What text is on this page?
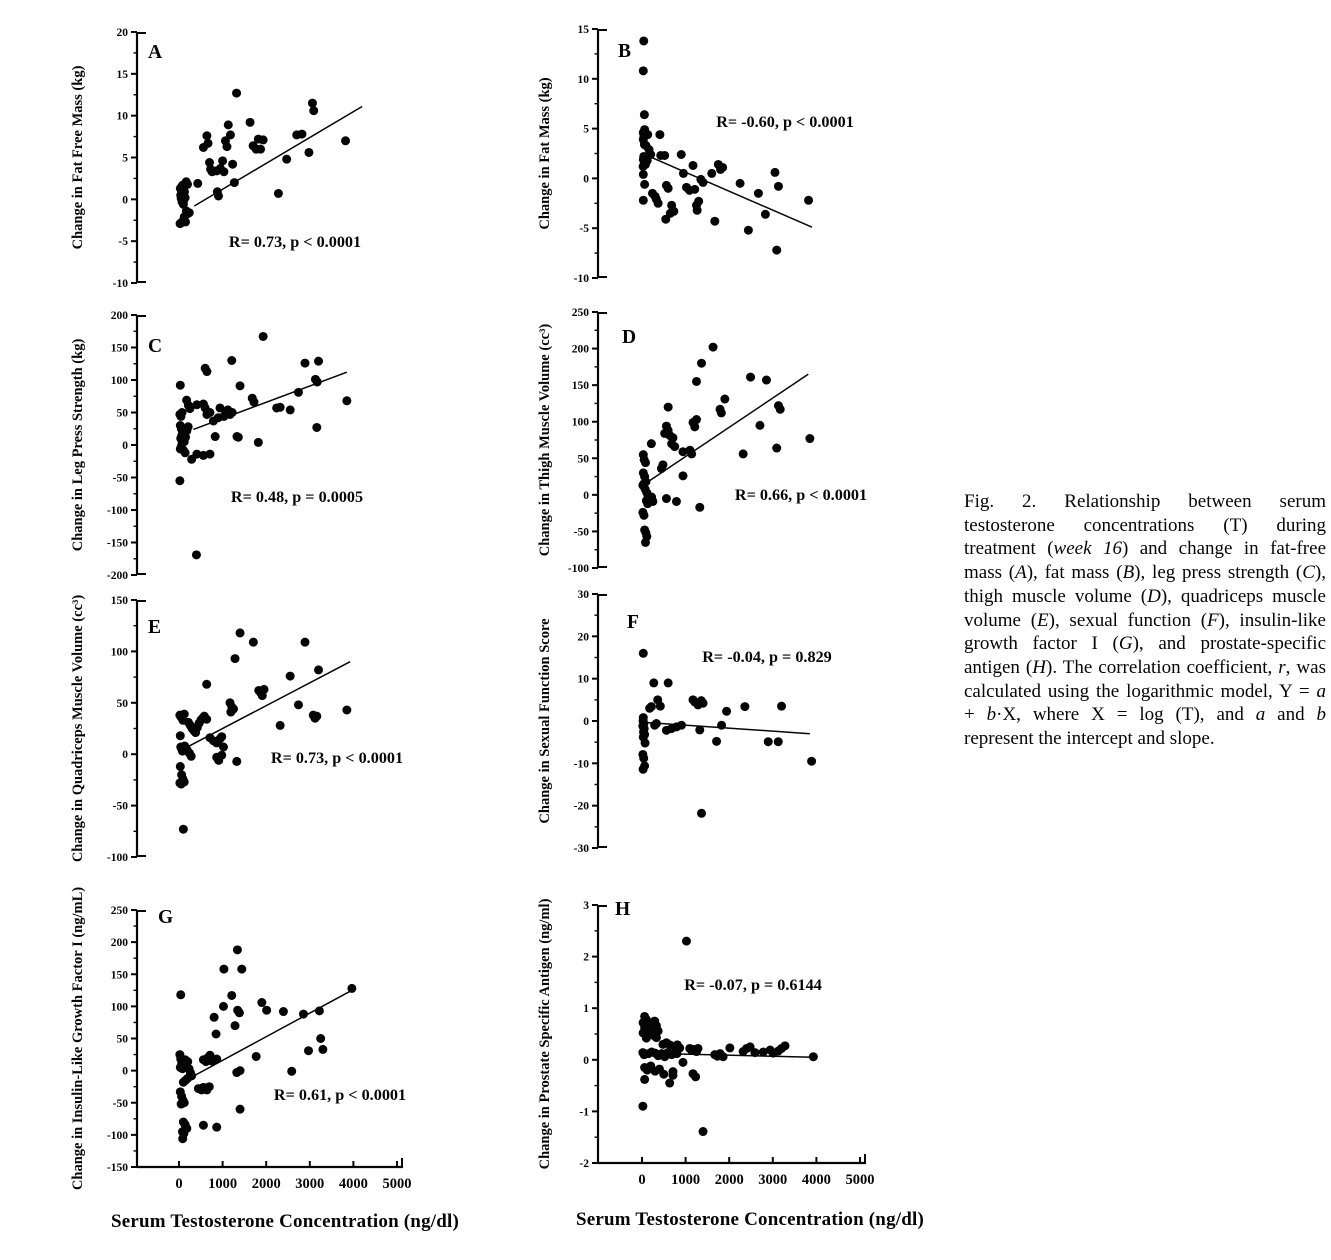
-10
-5
0
5
10
15
20
A
R= 0.73, p < 0.0001
Change in Fat Free Mass (kg)
-10
-5
0
5
10
15
B
R= -0.60, p < 0.0001
Change in Fat Mass (kg)
-200
-150
-100
-50
0
50
100
150
200
C
R= 0.48, p = 0.0005
Change in Leg Press Strength (kg)
-100
-50
0
50
100
150
200
250
D
R= 0.66, p < 0.0001
Change in Thigh Muscle Volume (cc³)
-100
-50
0
50
100
150
E
R= 0.73, p < 0.0001
Change in Quadriceps Muscle Volume (cc³)	-30
-20
-10
0
10
20
30
F
R= -0.04, p = 0.829
Change in Sexual Function Score
-150
-100
-50
0
50
100
150
200
250
0 1000 2000 3000 4000 5000
G
R= 0.61, p < 0.0001
Change in Insulin-Like Growth Factor I (ng/mL)	-2
-1
0
1
2
3
0 1000 2000 3000 4000 5000
H
R= -0.07, p = 0.6144
Change in Prostate Specific Antigen (ng/ml)
Serum Testosterone Concentration (ng/dl)	Serum Testosterone Concentration (ng/dl)
Fig. 2. Relationship between serum testosterone concentrations (T) during treatment (week 16) and change in fat-free mass (A), fat mass (B), leg press strength (C), thigh muscle volume (D), quadriceps muscle volume (E), sexual function (F), insulin-like growth factor I (G), and prostate-specific antigen (H). The correlation coefficient, r, was calculated using the logarithmic model, Y = a + b·X, where X = log (T), and a and b represent the intercept and slope.
